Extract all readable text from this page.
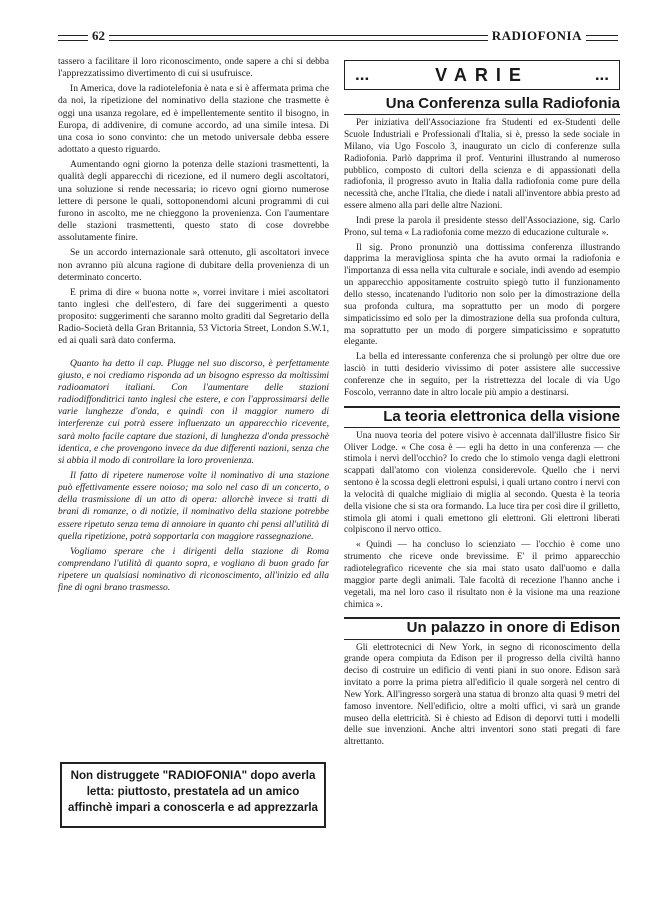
62	RADIOFONIA

tassero a facilitare il loro riconoscimento, onde sapere a chi si debba l'apprezzatissimo divertimento di cui si usufruisce.

In America, dove la radiotelefonia è nata e si è affermata prima che da noi, la ripetizione del nominativo della stazione che trasmette è oggi una usanza regolare, ed è impellentemente sentito il bisogno, in Europa, di addivenire, di comune accordo, ad una simile intesa. Di una cosa io sono convinto: che un metodo universale debba essere adottato a questo riguardo.

Aumentando ogni giorno la potenza delle stazioni trasmettenti, la qualità degli apparecchi di ricezione, ed il numero degli ascoltatori, una soluzione si rende necessaria; io ricevo ogni giorno numerose lettere di persone le quali, sottoponendomi alcuni programmi di cui furono in ascolto, me ne chieggono la provenienza. Con l'aumentare delle stazioni trasmettenti, questo stato di cose dovrebbe assolutamente finire.

Se un accordo internazionale sarà ottenuto, gli ascoltatori invece non avranno più alcuna ragione di dubitare della provenienza di un determinato concerto.

E prima di dire « buona notte », vorrei invitare i miei ascoltatori tanto inglesi che dell'estero, di fare dei suggerimenti a questo proposito: suggerimenti che saranno molto graditi dal Segretario della Radio-Società della Gran Britannia, 53 Victoria Street, London S.W.1, ed ai quali sarà dato conferma.

Quanto ha detto il cap. Plugge nel suo discorso, è perfettamente giusto, e noi crediamo risponda ad un bisogno espresso da moltissimi radioamatori italiani. Con l'aumentare delle stazioni radiodiffonditrici tanto inglesi che estere, e con l'approssimarsi delle varie lunghezze d'onda, e quindi con il maggior numero di interferenze cui potrà essere influenzato un apparecchio ricevente, sarà molto facile captare due stazioni, di lunghezza d'onda pressochè identica, e che provengono invece da due differenti nazioni, senza che si abbia il modo di controllare la loro provenienza.

Il fatto di ripetere numerose volte il nominativo di una stazione può effettivamente essere noioso; ma solo nel caso di un concerto, o della trasmissione di un atto di opera: allorchè invece si tratti di brani di romanze, o di notizie, il nominativo della stazione potrebbe essere ripetuto senza tema di annoiare in quanto chi pensi all'utilità di quella ripetizione, potrà sopportarla con maggiore rassegnazione.

Vogliamo sperare che i dirigenti della stazione di Roma comprendano l'utilità di quanto sopra, e vogliano di buon grado far ripetere un qualsiasi nominativo di riconoscimento, all'inizio ed alla fine di ogni brano trasmesso.

Non distruggete "RADIOFONIA" dopo averla letta: piuttosto, prestatela ad un amico affinchè impari a conoscerla e ad apprezzarla
...	VARIE	...
Una Conferenza sulla Radiofonia

Per iniziativa dell'Associazione fra Studenti ed ex-Studenti delle Scuole Industriali e Professionali d'Italia, si è, presso la sede sociale in Milano, via Ugo Foscolo 3, inaugurato un ciclo di conferenze sulla Radiofonia. Parlò dapprima il prof. Venturini illustrando al numeroso pubblico, composto di cultori della scienza e di appassionati della radiofonia, il progresso avuto in Italia dalla radiofonia come pure della necessità che, anche l'Italia, che diede i natali all'inventore abbia presto ad essere almeno alla pari delle altre Nazioni.

Indi prese la parola il presidente stesso dell'Associazione, sig. Carlo Prono, sul tema « La radiofonia come mezzo di educazione culturale ».

Il sig. Prono pronunziò una dottissima conferenza illustrando dapprima la meravigliosa spinta che ha avuto ormai la radiofonia e l'importanza di essa nella vita culturale e sociale, indi avendo ad esempio un apparecchio appositamente costruito spiegò tutto il funzionamento dello stesso, incatenando l'uditorio non solo per la dimostrazione della sua profonda cultura, ma soprattutto per un modo di porgere simpaticissimo ed solo per la dimostrazione della sua profonda cultura, ma soprattutto per un modo di porgere simpaticissimo e sopratutto elegante.

La bella ed interessante conferenza che si prolungò per oltre due ore lasciò in tutti desiderio vivissimo di poter assistere alle successive conferenze che in seguito, per la ristrettezza del locale di via Ugo Foscolo, verranno date in altro locale più ampio a destinarsi.

La teoria elettronica della visione

Una nuova teoria del potere visivo è accennata dall'illustre fisico Sir Oliver Lodge. « Che cosa è — egli ha detto in una conferenza — che stimola i nervi dell'occhio? Io credo che lo stimolo venga dagli elettroni scappati dall'atomo con violenza considerevole. Quello che i nervi sentono è la scossa degli elettroni espulsi, i quali urtano contro i nervi con la velocità di qualche migliaio di miglia al secondo. Questa è la teoria della visione che si sta ora formando. La luce tira per così dire il grilletto, stimola gli atomi i quali emettono gli elettroni. Gli elettroni liberati colpiscono il nervo ottico.

« Quindi — ha concluso lo scienziato — l'occhio è come uno strumento che riceve onde brevissime. E' il primo apparecchio radiotelegrafico ricevente che sia mai stato usato dall'uomo e dalla maggior parte degli animali. Tale facoltà di recezione l'hanno anche i vegetali, ma nel loro caso il risultato non è la visione ma una reazione chimica ».

Un palazzo in onore di Edison

Gli elettrotecnici di New York, in segno di riconoscimento della grande opera compiuta da Edison per il progresso della civiltà hanno deciso di costruire un edificio di venti piani in suo onore. Edison sarà invitato a porre la prima pietra all'edificio il quale sorgerà nel centro di New York. All'ingresso sorgerà una statua di bronzo alta quasi 9 metri del famoso inventore. Nell'edificio, oltre a molti uffici, vi sarà un grande museo della elettricità. Si è chiesto ad Edison di deporvi tutti i modelli delle sue invenzioni. Anche altri inventori sono stati pregati di fare altrettanto.
